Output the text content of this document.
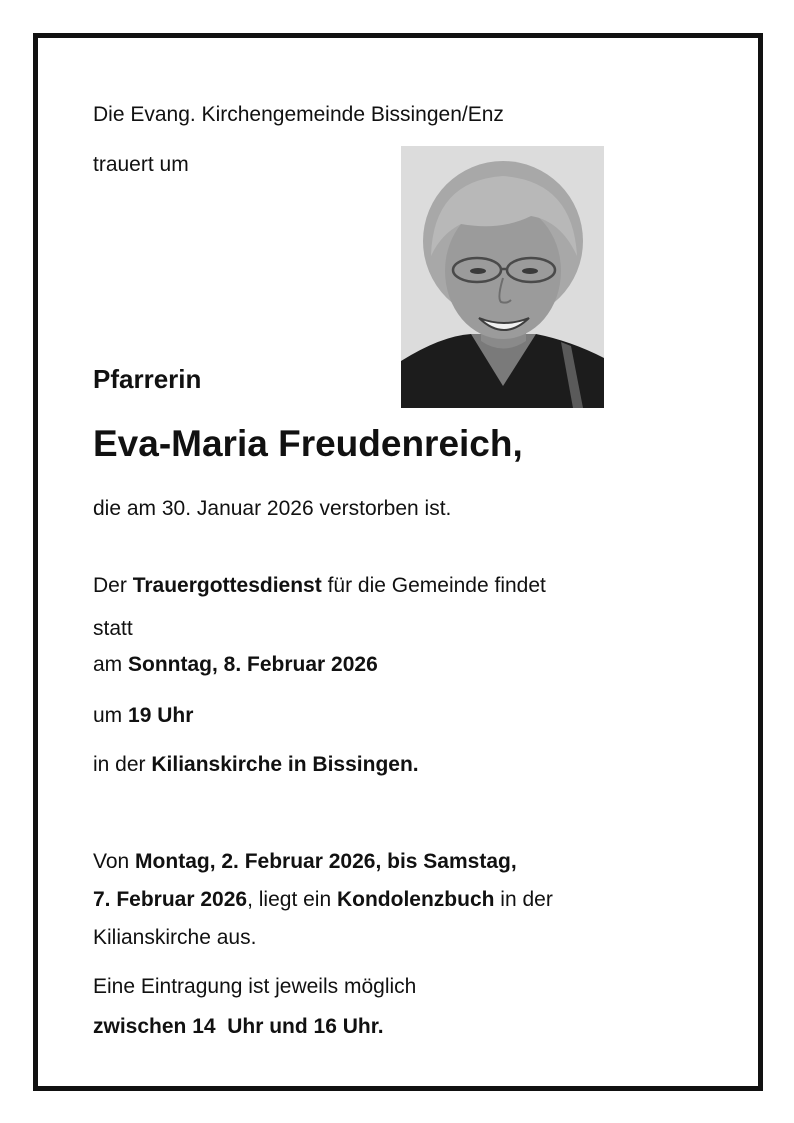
Die Evang. Kirchengemeinde Bissingen/Enz

trauert um

Pfarrerin

Eva-Maria Freudenreich,

die am 30. Januar 2026 verstorben ist.

Der Trauergottesdienst für die Gemeinde findet

statt

am Sonntag, 8. Februar 2026

um 19 Uhr

in der Kilianskirche in Bissingen.

Von Montag, 2. Februar 2026, bis Samstag,

7. Februar 2026, liegt ein Kondolenzbuch in der

Kilianskirche aus.

Eine Eintragung ist jeweils möglich

zwischen 14  Uhr und 16 Uhr.
